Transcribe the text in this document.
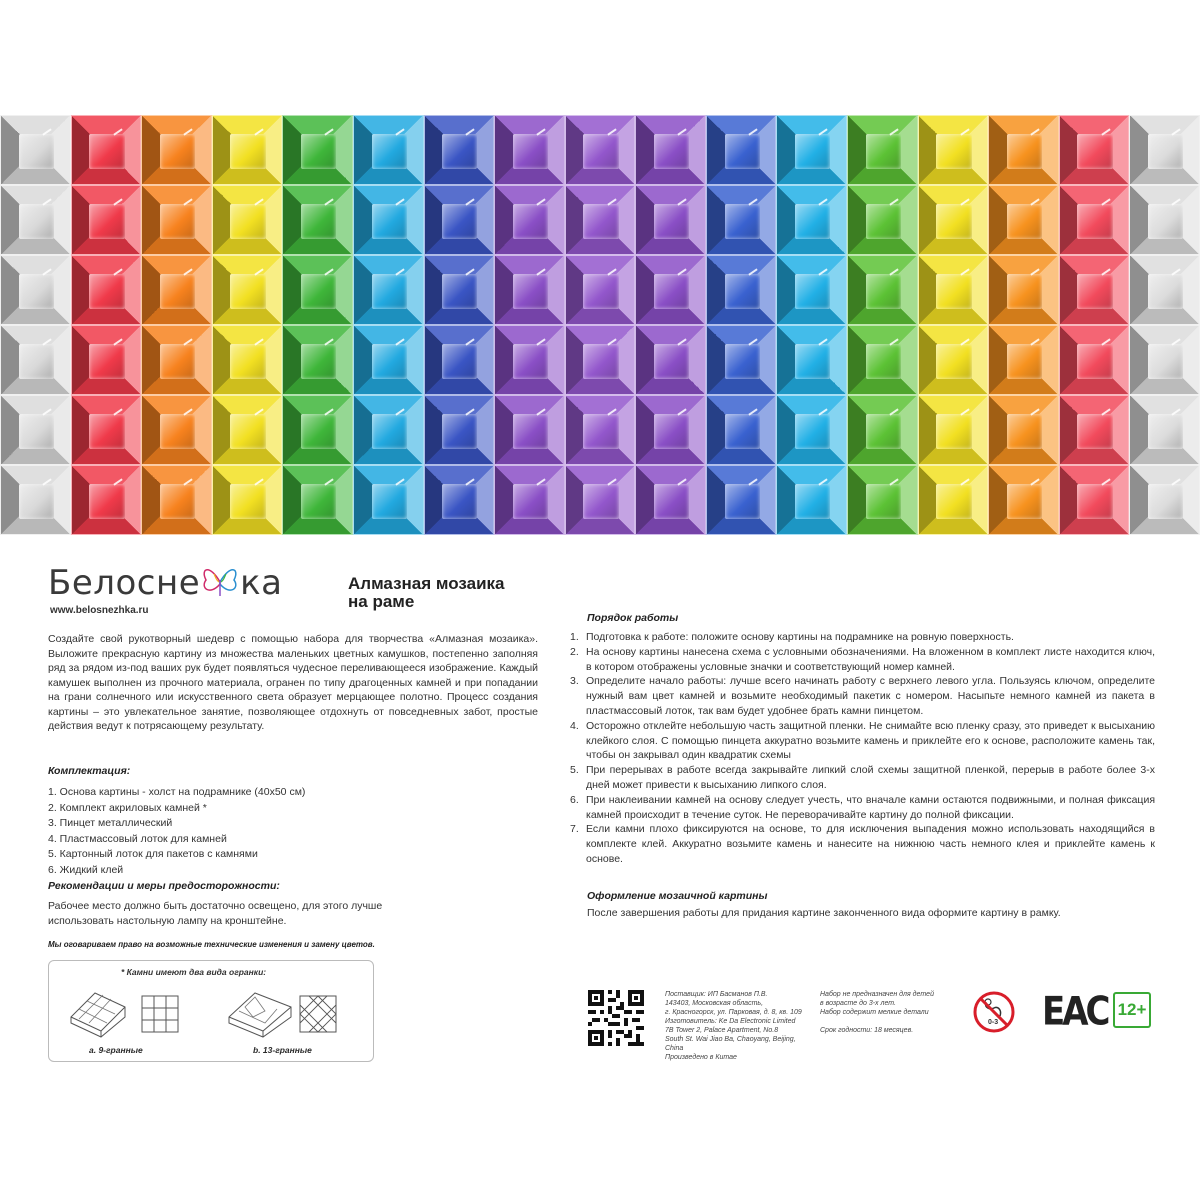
Белосне ка
www.belosnezhka.ru
Алмазная мозаика
на раме
Создайте свой рукотворный шедевр с помощью набора для творчества «Алмазная мозаика». Выложите прекрасную картину из множества маленьких цветных камушков, постепенно заполняя ряд за рядом из-под ваших рук будет появляться чудесное переливающееся изображение. Каждый камушек выполнен из прочного материала, огранен по типу драгоценных камней и при попадании на грани солнечного или искусственного света образует мерцающее полотно. Процесс создания картины – это увлекательное занятие, позволяющее отдохнуть от повседневных забот, простые действия ведут к потрясающему результату.
Комплектация:
1. Основа картины - холст на подрамнике (40х50 см)
2. Комплект акриловых камней *
3. Пинцет металлический
4. Пластмассовый лоток для камней
5. Картонный лоток для пакетов с камнями
6. Жидкий клей
Рекомендации и меры предосторожности:
Рабочее место должно быть достаточно освещено, для этого лучше использовать настольную лампу на кронштейне.
Мы оговариваем право на возможные технические изменения и замену цветов.
* Камни имеют два вида огранки:
a. 9-гранные	b. 13-гранные
Порядок работы
1. Подготовка к работе: положите основу картины на подрамнике на ровную поверхность.
2. На основу картины нанесена схема с условными обозначениями. На вложенном в комплект листе находится ключ, в котором отображены условные значки и соответствующий номер камней.
3. Определите начало работы: лучше всего начинать работу с верхнего левого угла. Пользуясь ключом, определите нужный вам цвет камней и возьмите необходимый пакетик с номером. Насыпьте немного камней из пакета в пластмассовый лоток, так вам будет удобнее брать камни пинцетом.
4. Осторожно отклейте небольшую часть защитной пленки. Не снимайте всю пленку сразу, это приведет к высыханию клейкого слоя. С помощью пинцета аккуратно возьмите камень и приклейте его к основе, расположите камень так, чтобы он закрывал один квадратик схемы
5. При перерывах в работе всегда закрывайте липкий слой схемы защитной пленкой, перерыв в работе более 3-х дней может привести к высыханию липкого слоя.
6. При наклеивании камней на основу следует учесть, что вначале камни остаются подвижными, и полная фиксация камней происходит в течение суток. Не переворачивайте картину до полной фиксации.
7. Если камни плохо фиксируются на основе, то для исключения выпадения можно использовать находящийся в комплекте клей. Аккуратно возьмите камень и нанесите на нижнюю часть немного клея и приклейте камень к основе.
Оформление мозаичной картины
После завершения работы для придания картине законченного вида оформите картину в рамку.
Поставщик: ИП Басманов П.В.
143403, Московская область,
г. Красногорск, ул. Парковая, д. 8, кв. 109
Изготовитель: Ke Da Electronic Limited
7B Tower 2, Palace Apartment, No.8
South St. Wai Jiao Ba, Chaoyang, Beijing, China
Произведено в Китае
Набор не предназначен для детей
в возрасте до 3-х лет.
Набор содержит мелкие детали
Срок годности: 18 месяцев.
0-3 EAC 12+
